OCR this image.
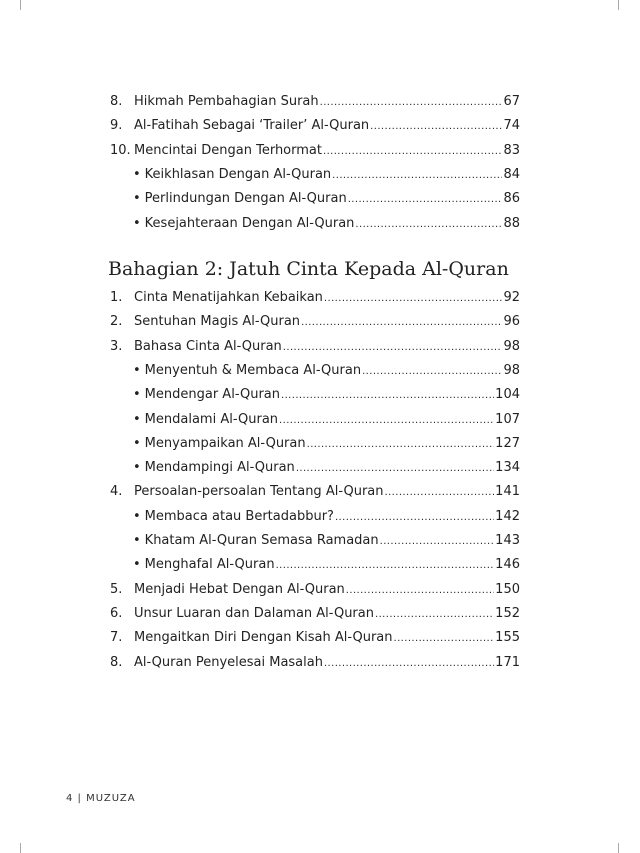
Bahagian 2: Jatuh Cinta Kepada Al-Quran
8. Hikmah Pembahagian Surah .....	67
9. Al-Fatihah Sebagai ‘Trailer’ Al-Quran .....	74
10. Mencintai Dengan Terhormat .....	83
• Keikhlasan Dengan Al-Quran .....	84
• Perlindungan Dengan Al-Quran .....	86
• Kesejahteraan Dengan Al-Quran .....	88
1. Cinta Menatijahkan Kebaikan .....	92
2. Sentuhan Magis Al-Quran .....	96
3. Bahasa Cinta Al-Quran .....	98
• Menyentuh & Membaca Al-Quran .....	98
• Mendengar Al-Quran .....	104
• Mendalami Al-Quran .....	107
• Menyampaikan Al-Quran .....	127
• Mendampingi Al-Quran .....	134
4. Persoalan-persoalan Tentang Al-Quran .....	141
• Membaca atau Bertadabbur? .....	142
• Khatam Al-Quran Semasa Ramadan .....	143
• Menghafal Al-Quran .....	146
5. Menjadi Hebat Dengan Al-Quran .....	150
6. Unsur Luaran dan Dalaman Al-Quran .....	152
7. Mengaitkan Diri Dengan Kisah Al-Quran .....	155
8. Al-Quran Penyelesai Masalah .....	171
4 | MUZUZA
